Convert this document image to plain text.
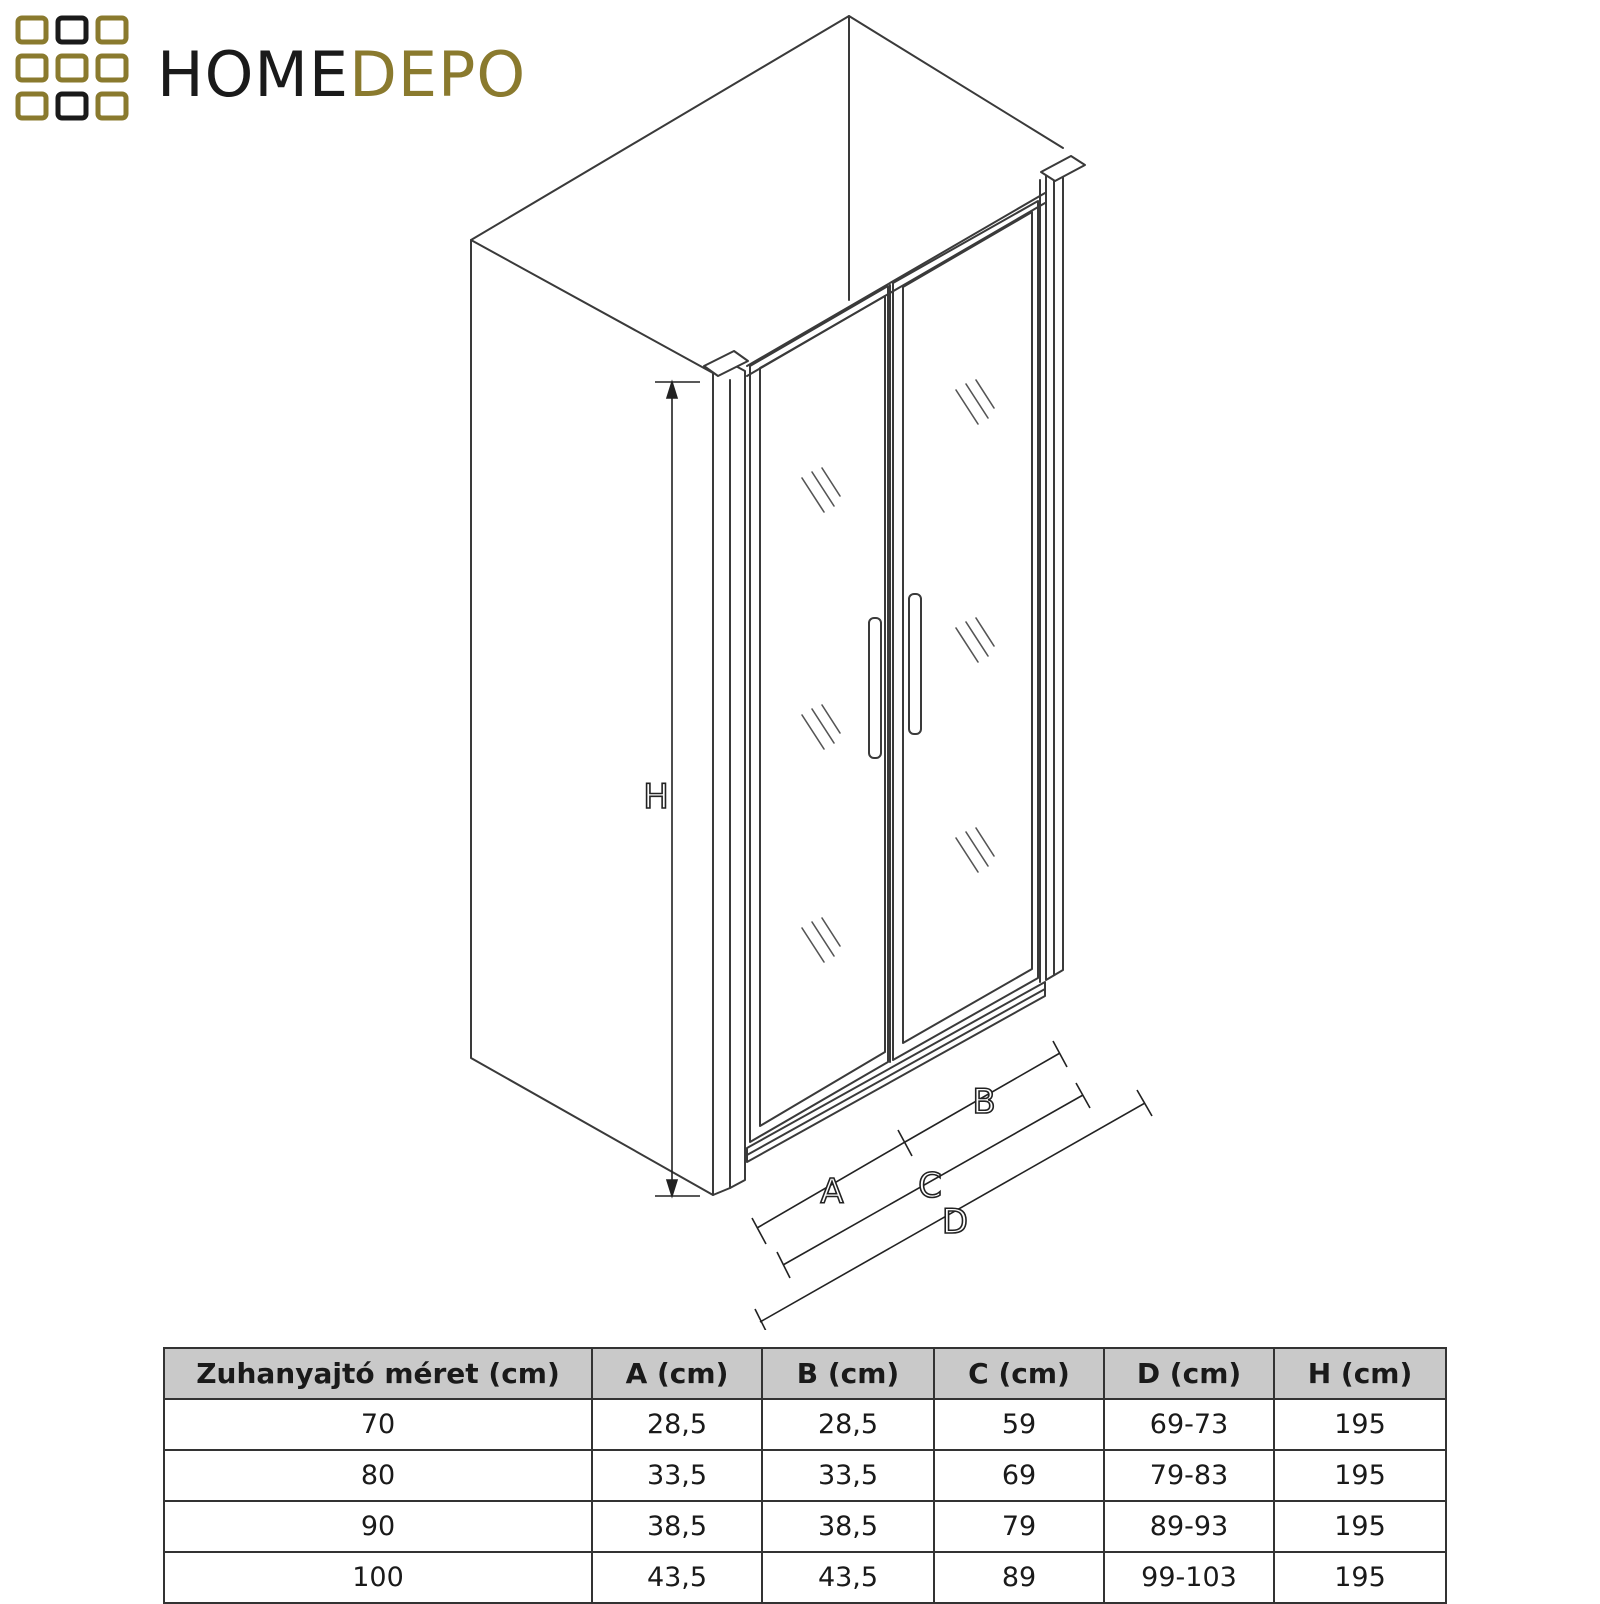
HOMEDEPO
H
A
B
C
D
Zuhanyajtó méret (cm)	A (cm)	B (cm)	C (cm)	D (cm)	H (cm)
70	28,5	28,5	59	69-73	195
80	33,5	33,5	69	79-83	195
90	38,5	38,5	79	89-93	195
100	43,5	43,5	89	99-103	195
